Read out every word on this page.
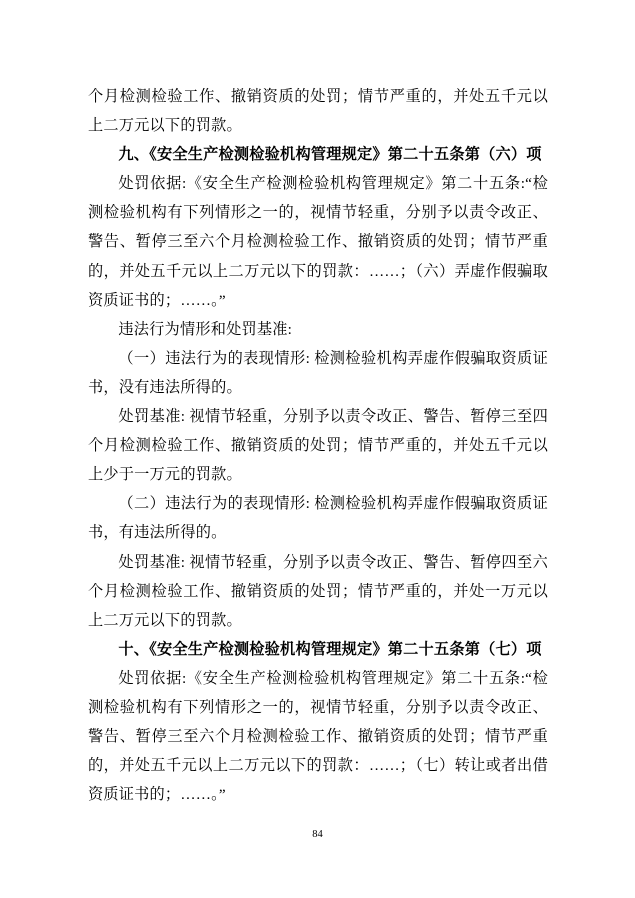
个月检测检验工作、撤销资质的处罚；情节严重的，并处五千元以上二万元以下的罚款。

九、《安全生产检测检验机构管理规定》第二十五条第（六）项

处罚依据:《安全生产检测检验机构管理规定》第二十五条:“检测检验机构有下列情形之一的，视情节轻重，分别予以责令改正、警告、暂停三至六个月检测检验工作、撤销资质的处罚；情节严重的，并处五千元以上二万元以下的罚款：……；（六）弄虚作假骗取资质证书的；……。”

违法行为情形和处罚基准:

（一）违法行为的表现情形: 检测检验机构弄虚作假骗取资质证书，没有违法所得的。

处罚基准: 视情节轻重，分别予以责令改正、警告、暂停三至四个月检测检验工作、撤销资质的处罚；情节严重的，并处五千元以上少于一万元的罚款。

（二）违法行为的表现情形: 检测检验机构弄虚作假骗取资质证书，有违法所得的。

处罚基准: 视情节轻重，分别予以责令改正、警告、暂停四至六个月检测检验工作、撤销资质的处罚；情节严重的，并处一万元以上二万元以下的罚款。

十、《安全生产检测检验机构管理规定》第二十五条第（七）项

处罚依据:《安全生产检测检验机构管理规定》第二十五条:“检测检验机构有下列情形之一的，视情节轻重，分别予以责令改正、警告、暂停三至六个月检测检验工作、撤销资质的处罚；情节严重的，并处五千元以上二万元以下的罚款：……；（七）转让或者出借资质证书的；……。”

84
